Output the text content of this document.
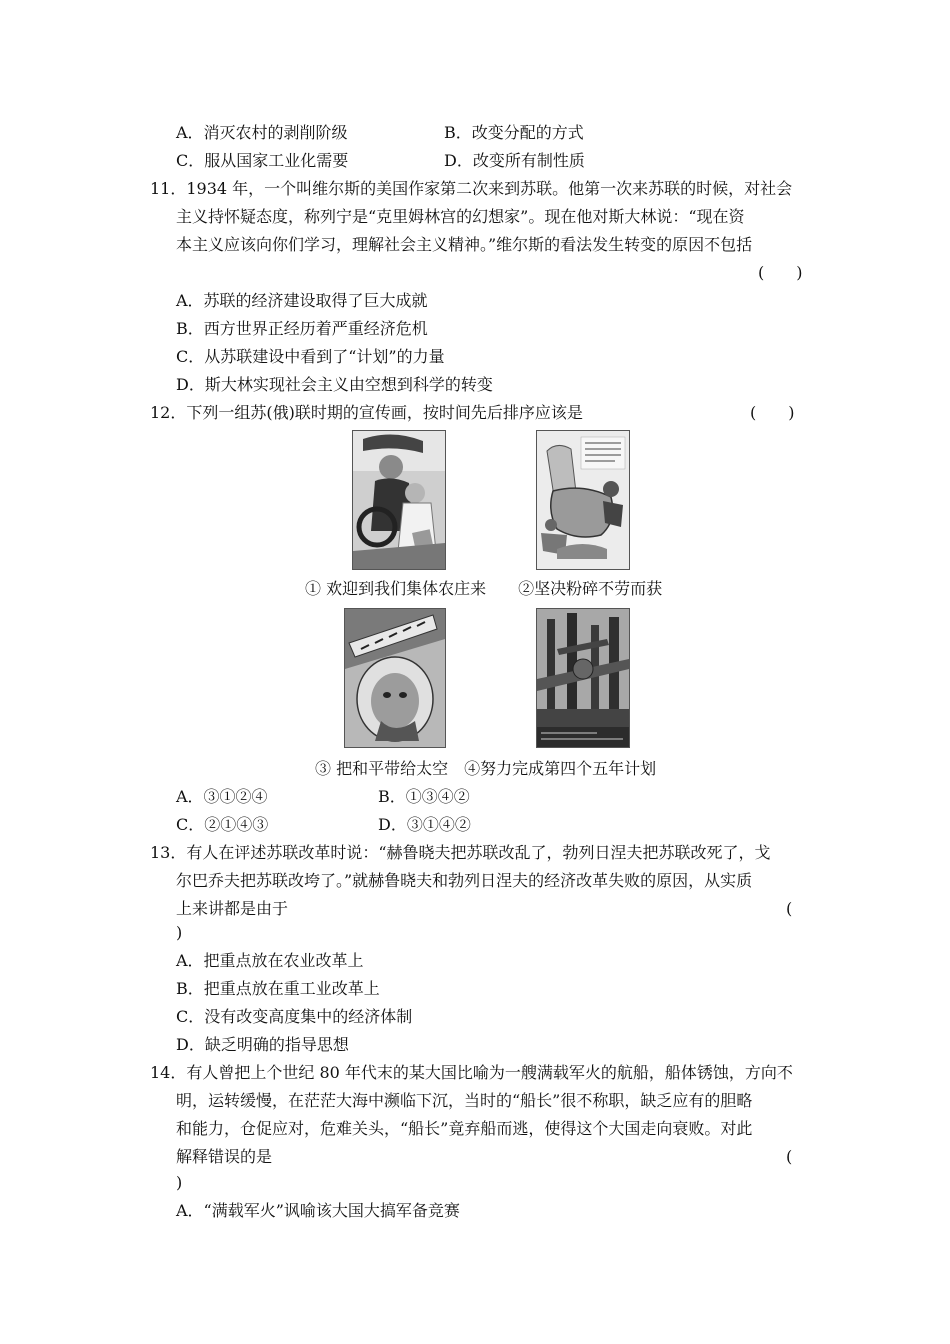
A．消灭农村的剥削阶级	B．改变分配的方式
C．服从国家工业化需要	D．改变所有制性质
11．1934 年，一个叫维尔斯的美国作家第二次来到苏联。他第一次来苏联的时候，对社会
主义持怀疑态度，称列宁是“克里姆林宫的幻想家”。现在他对斯大林说：“现在资
本主义应该向你们学习，理解社会主义精神。”维尔斯的看法发生转变的原因不包括
(　　)
A．苏联的经济建设取得了巨大成就
B．西方世界正经历着严重经济危机
C．从苏联建设中看到了“计划”的力量
D．斯大林实现社会主义由空想到科学的转变
12．下列一组苏(俄)联时期的宣传画，按时间先后排序应该是	(　　)
① 欢迎到我们集体农庄来　　②坚决粉碎不劳而获
③ 把和平带给太空　④努力完成第四个五年计划
A．③①②④	B．①③④②
C．②①④③	D．③①④②
13．有人在评述苏联改革时说：“赫鲁晓夫把苏联改乱了，勃列日涅夫把苏联改死了，戈
尔巴乔夫把苏联改垮了。”就赫鲁晓夫和勃列日涅夫的经济改革失败的原因，从实质
上来讲都是由于	(
)
A．把重点放在农业改革上
B．把重点放在重工业改革上
C．没有改变高度集中的经济体制
D．缺乏明确的指导思想
14．有人曾把上个世纪 80 年代末的某大国比喻为一艘满载军火的航船，船体锈蚀，方向不
明，运转缓慢，在茫茫大海中濒临下沉，当时的“船长”很不称职，缺乏应有的胆略
和能力，仓促应对，危难关头，“船长”竟弃船而逃，使得这个大国走向衰败。对此
解释错误的是	(
)
A．“满载军火”讽喻该大国大搞军备竞赛
